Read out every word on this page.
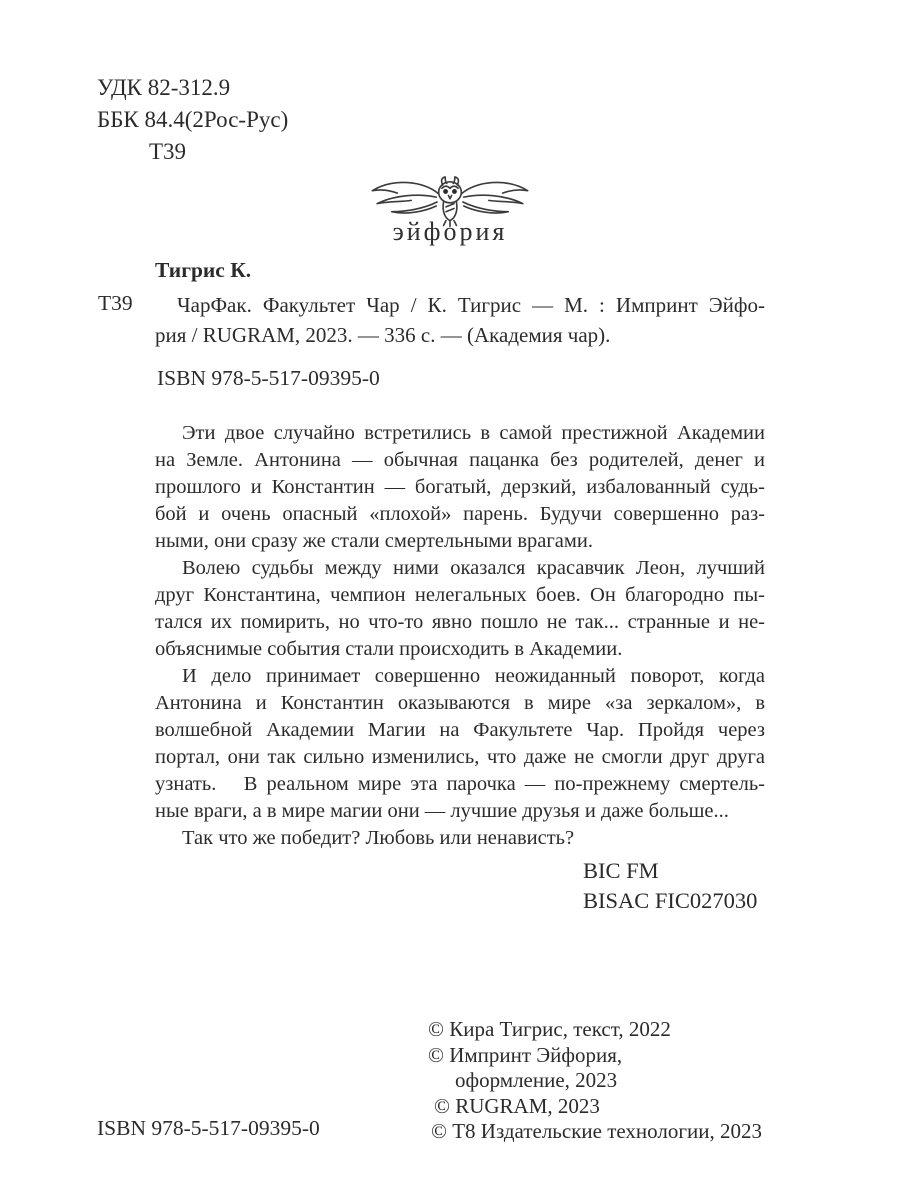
УДК 82-312.9
ББК 84.4(2Рос-Рус)
Т39
эйфория
Тигрис К.
Т39	ЧарФак. Факультет Чар / К. Тигрис — М. : Импринт Эйфо-
рия / RUGRAM, 2023. — 336 с. — (Академия чар).
ISBN 978-5-517-09395-0
Эти двое случайно встретились в самой престижной Академии
на Земле. Антонина — обычная пацанка без родителей, денег и
прошлого и Константин — богатый, дерзкий, избалованный судь-
бой и очень опасный «плохой» парень. Будучи совершенно раз-
ными, они сразу же стали смертельными врагами.
Волею судьбы между ними оказался красавчик Леон, лучший
друг Константина, чемпион нелегальных боев. Он благородно пы-
тался их помирить, но что-то явно пошло не так... странные и не-
объяснимые события стали происходить в Академии.
И дело принимает совершенно неожиданный поворот, когда
Антонина и Константин оказываются в мире «за зеркалом», в
волшебной Академии Магии на Факультете Чар. Пройдя через
портал, они так сильно изменились, что даже не смогли друг друга
узнать.   В реальном мире эта парочка — по-прежнему смертель-
ные враги, а в мире магии они — лучшие друзья и даже больше...
Так что же победит? Любовь или ненависть?
BIC FM
BISAC FIC027030
© Кира Тигрис, текст, 2022
© Импринт Эйфория,
оформление, 2023
© RUGRAM, 2023
© Т8 Издательские технологии, 2023
ISBN 978-5-517-09395-0
